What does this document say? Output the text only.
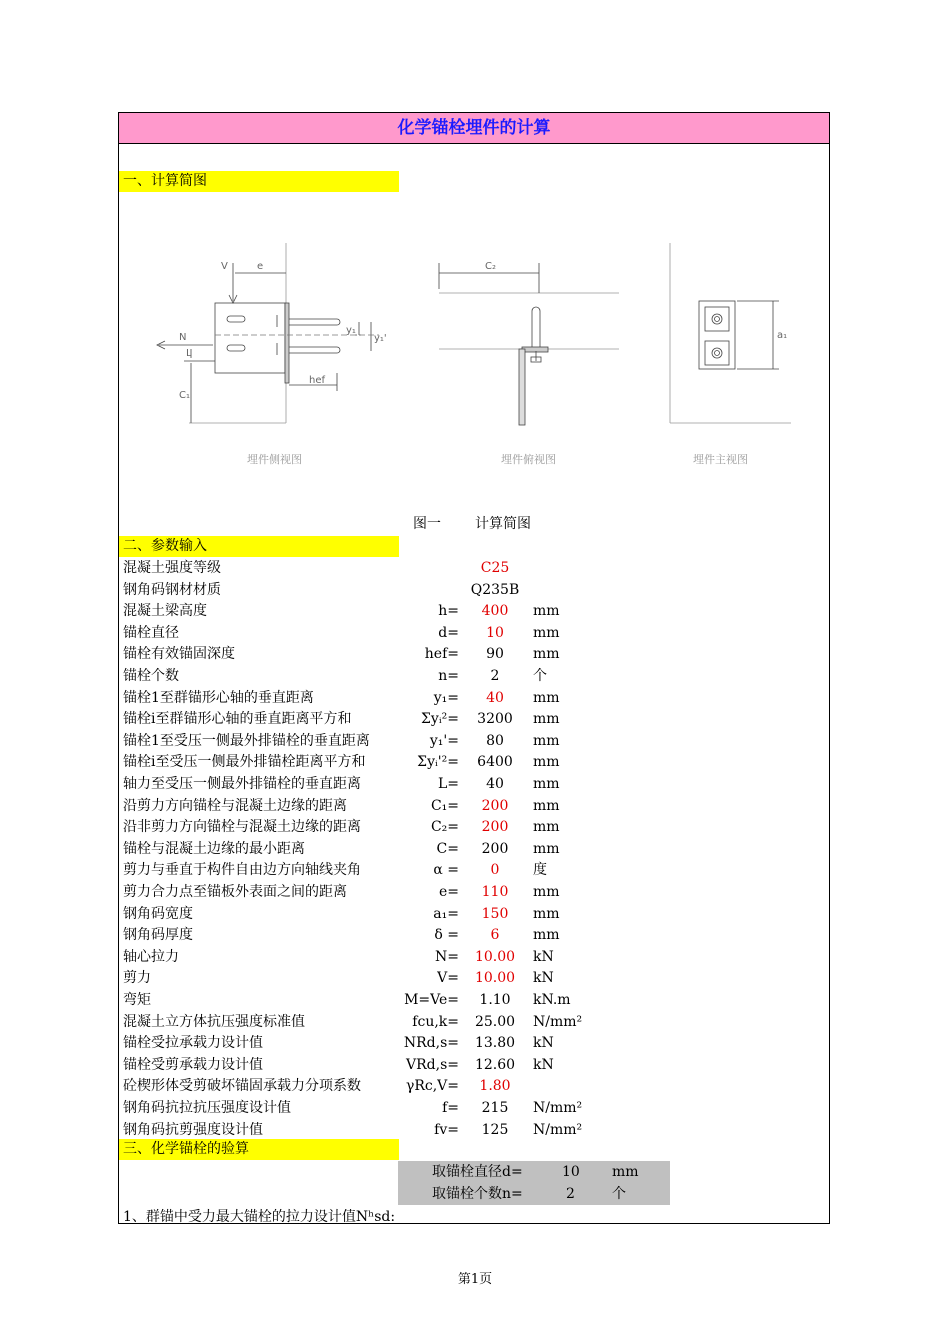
化学锚栓埋件的计算
一、计算简图
V	e
N
L
C₁
hef
y₁
y₁'
C₂
a₁
埋件侧视图	埋件俯视图	埋件主视图
图一 计算简图
二、参数输入
混凝土强度等级	C25
钢角码钢材材质	Q235B
混凝土梁高度	h=	400	mm
锚栓直径	d=	10	mm
锚栓有效锚固深度	hef=	90	mm
锚栓个数	n=	2	个
锚栓1至群锚形心轴的垂直距离	y₁=	40	mm
锚栓i至群锚形心轴的垂直距离平方和	Σyᵢ²=	3200	mm
锚栓1至受压一侧最外排锚栓的垂直距离	y₁'=	80	mm
锚栓i至受压一侧最外排锚栓距离平方和	Σyᵢ'²=	6400	mm
轴力至受压一侧最外排锚栓的垂直距离	L=	40	mm
沿剪力方向锚栓与混凝土边缘的距离	C₁=	200	mm
沿非剪力方向锚栓与混凝土边缘的距离	C₂=	200	mm
锚栓与混凝土边缘的最小距离	C=	200	mm
剪力与垂直于构件自由边方向轴线夹角	α =	0	度
剪力合力点至锚板外表面之间的距离	e=	110	mm
钢角码宽度	a₁=	150	mm
钢角码厚度	δ =	6	mm
轴心拉力	N=	10.00	kN
剪力	V=	10.00	kN
弯矩	M=Ve=	1.10	kN.m
混凝土立方体抗压强度标准值	fcu,k=	25.00	N/mm²
锚栓受拉承载力设计值	NRd,s=	13.80	kN
锚栓受剪承载力设计值	VRd,s=	12.60	kN
砼楔形体受剪破坏锚固承载力分项系数	γRc,V=	1.80
钢角码抗拉抗压强度设计值	f=	215	N/mm²
钢角码抗剪强度设计值	fv=	125	N/mm²
三、化学锚栓的验算
取锚栓直径d=	10 mm
取锚栓个数n=	2	个
1、群锚中受力最大锚栓的拉力设计值Nʰsd:
第1页
